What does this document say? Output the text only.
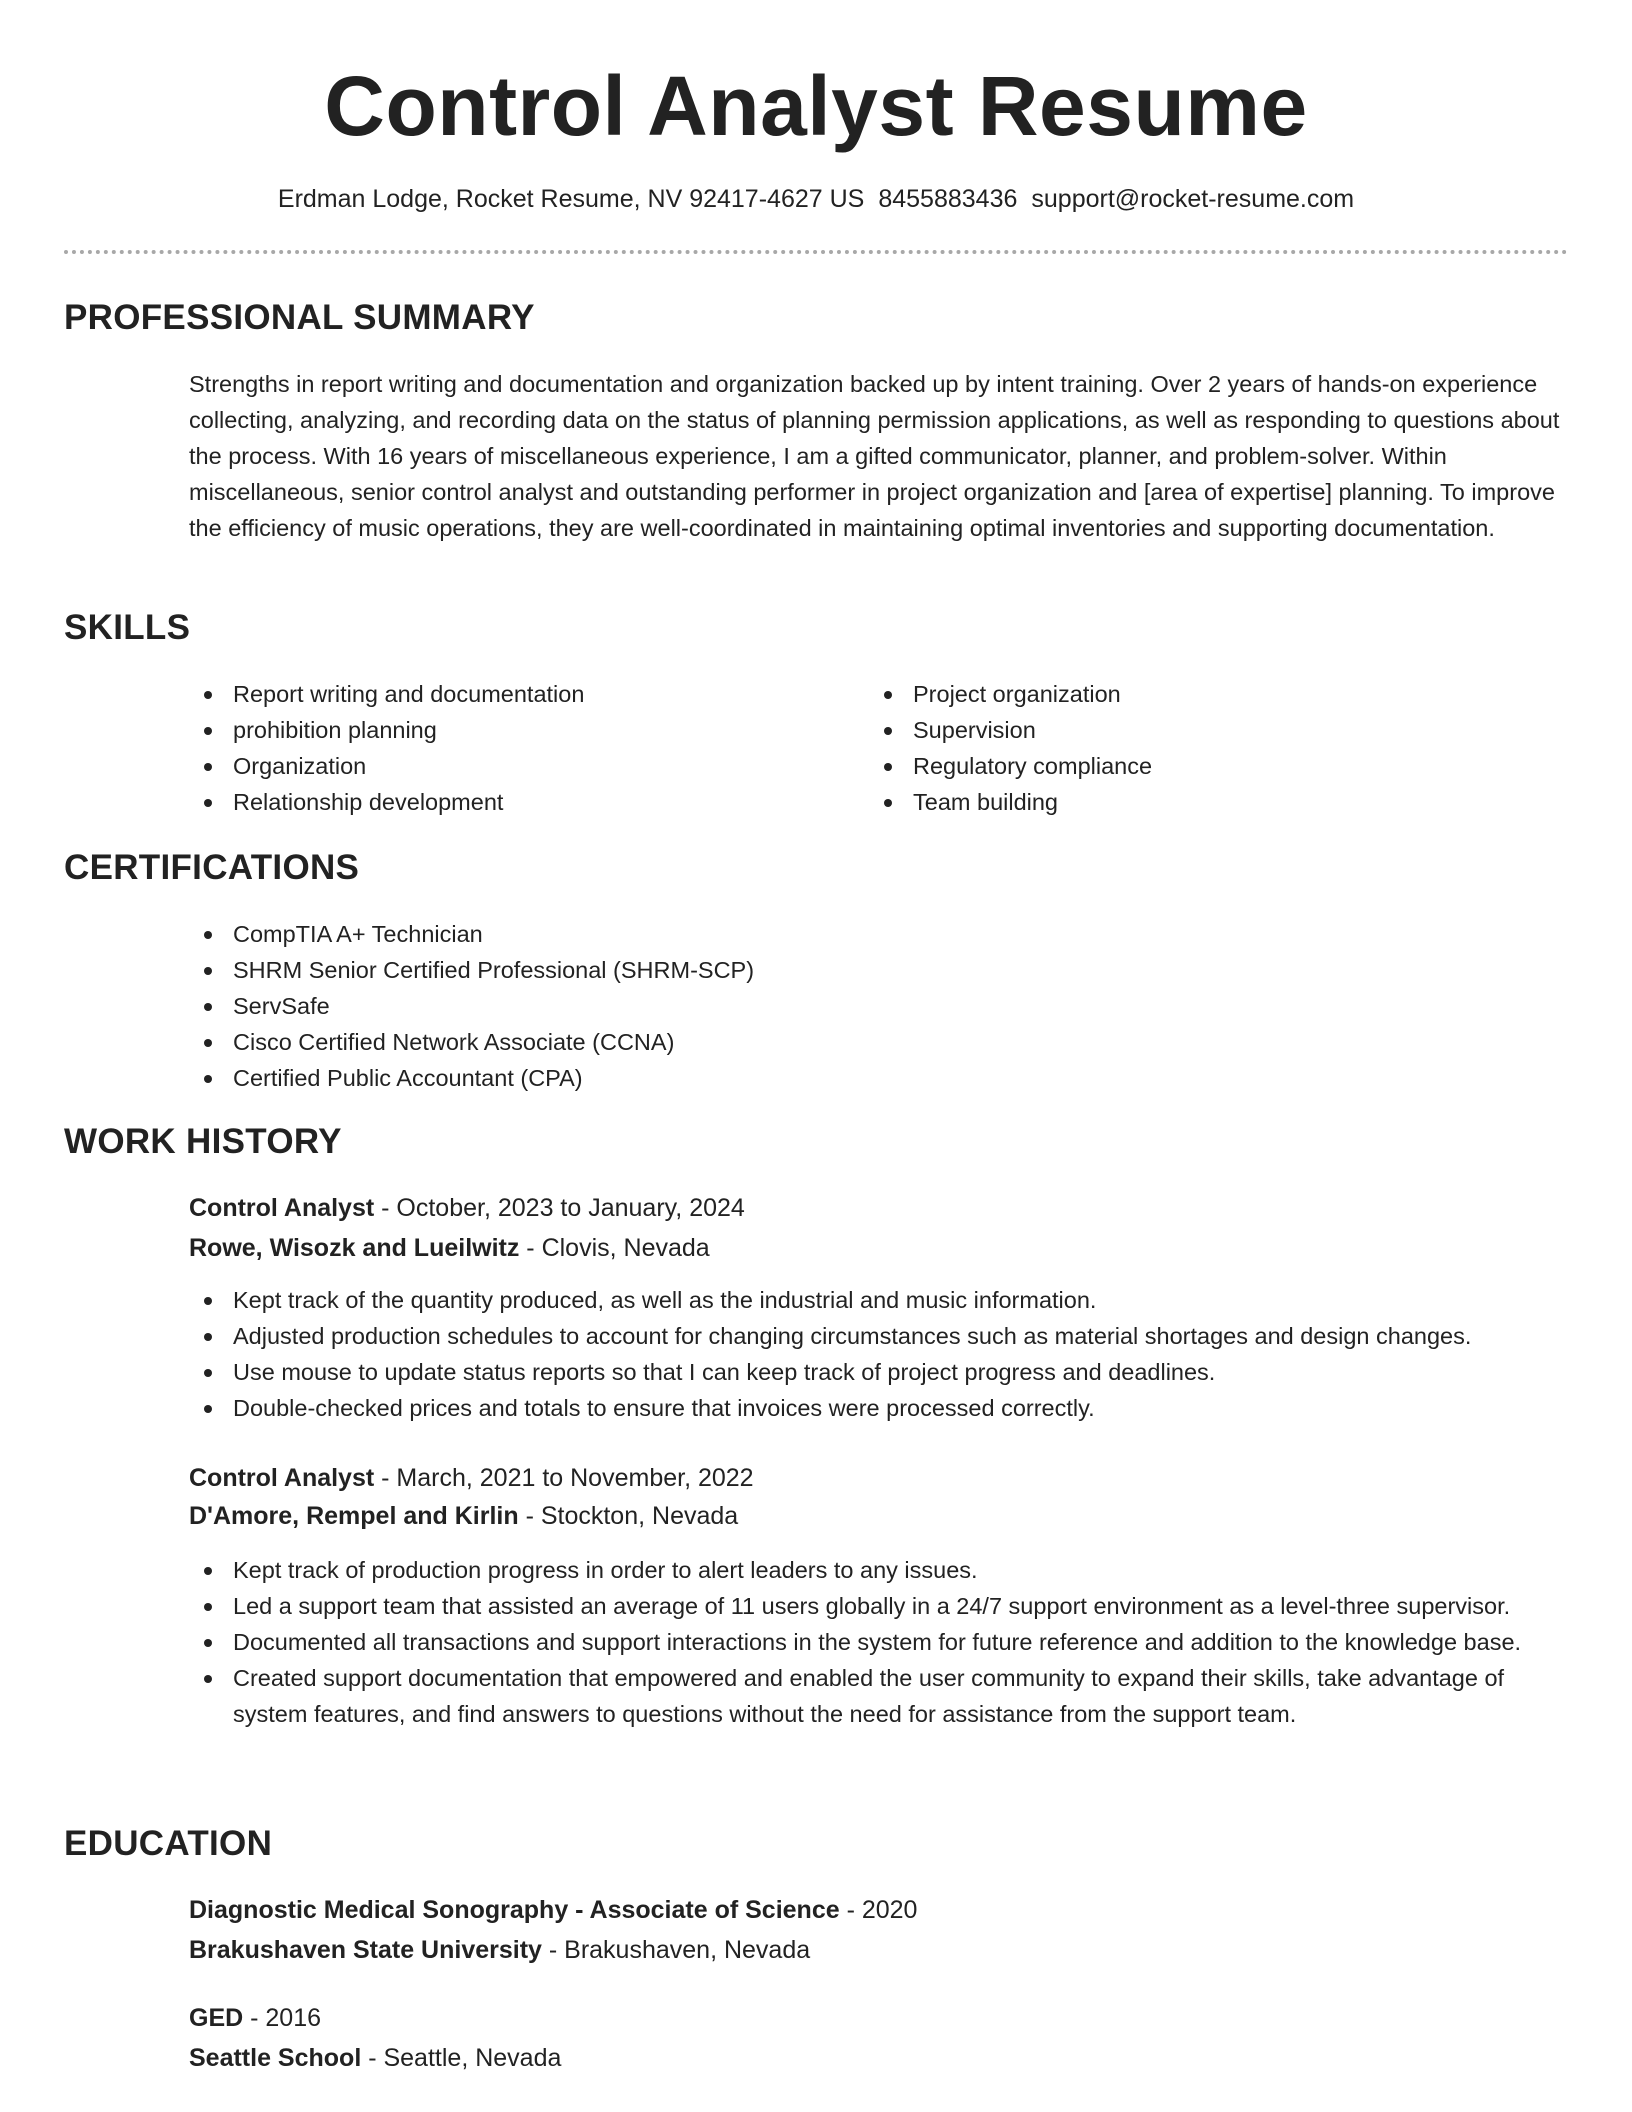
Control Analyst Resume
Erdman Lodge, Rocket Resume, NV 92417-4627 US 8455883436 support@rocket-resume.com
PROFESSIONAL SUMMARY

Strengths in report writing and documentation and organization backed up by intent training. Over 2 years of hands-on experience collecting, analyzing, and recording data on the status of planning permission applications, as well as responding to questions about the process. With 16 years of miscellaneous experience, I am a gifted communicator, planner, and problem-solver. Within miscellaneous, senior control analyst and outstanding performer in project organization and [area of expertise] planning. To improve the efficiency of music operations, they are well-coordinated in maintaining optimal inventories and supporting documentation.

SKILLS
Report writing and documentation
prohibition planning
Organization
Relationship development
Project organization
Supervision
Regulatory compliance
Team building
CERTIFICATIONS
CompTIA A+ Technician
SHRM Senior Certified Professional (SHRM-SCP)
ServSafe
Cisco Certified Network Associate (CCNA)
Certified Public Accountant (CPA)
WORK HISTORY
Control Analyst - October, 2023 to January, 2024
Rowe, Wisozk and Lueilwitz - Clovis, Nevada
Kept track of the quantity produced, as well as the industrial and music information.
Adjusted production schedules to account for changing circumstances such as material shortages and design changes.
Use mouse to update status reports so that I can keep track of project progress and deadlines.
Double-checked prices and totals to ensure that invoices were processed correctly.
Control Analyst - March, 2021 to November, 2022
D'Amore, Rempel and Kirlin - Stockton, Nevada
Kept track of production progress in order to alert leaders to any issues.
Led a support team that assisted an average of 11 users globally in a 24/7 support environment as a level-three supervisor.
Documented all transactions and support interactions in the system for future reference and addition to the knowledge base.
Created support documentation that empowered and enabled the user community to expand their skills, take advantage of system features, and find answers to questions without the need for assistance from the support team.
EDUCATION
Diagnostic Medical Sonography - Associate of Science - 2020
Brakushaven State University - Brakushaven, Nevada
GED - 2016
Seattle School - Seattle, Nevada
